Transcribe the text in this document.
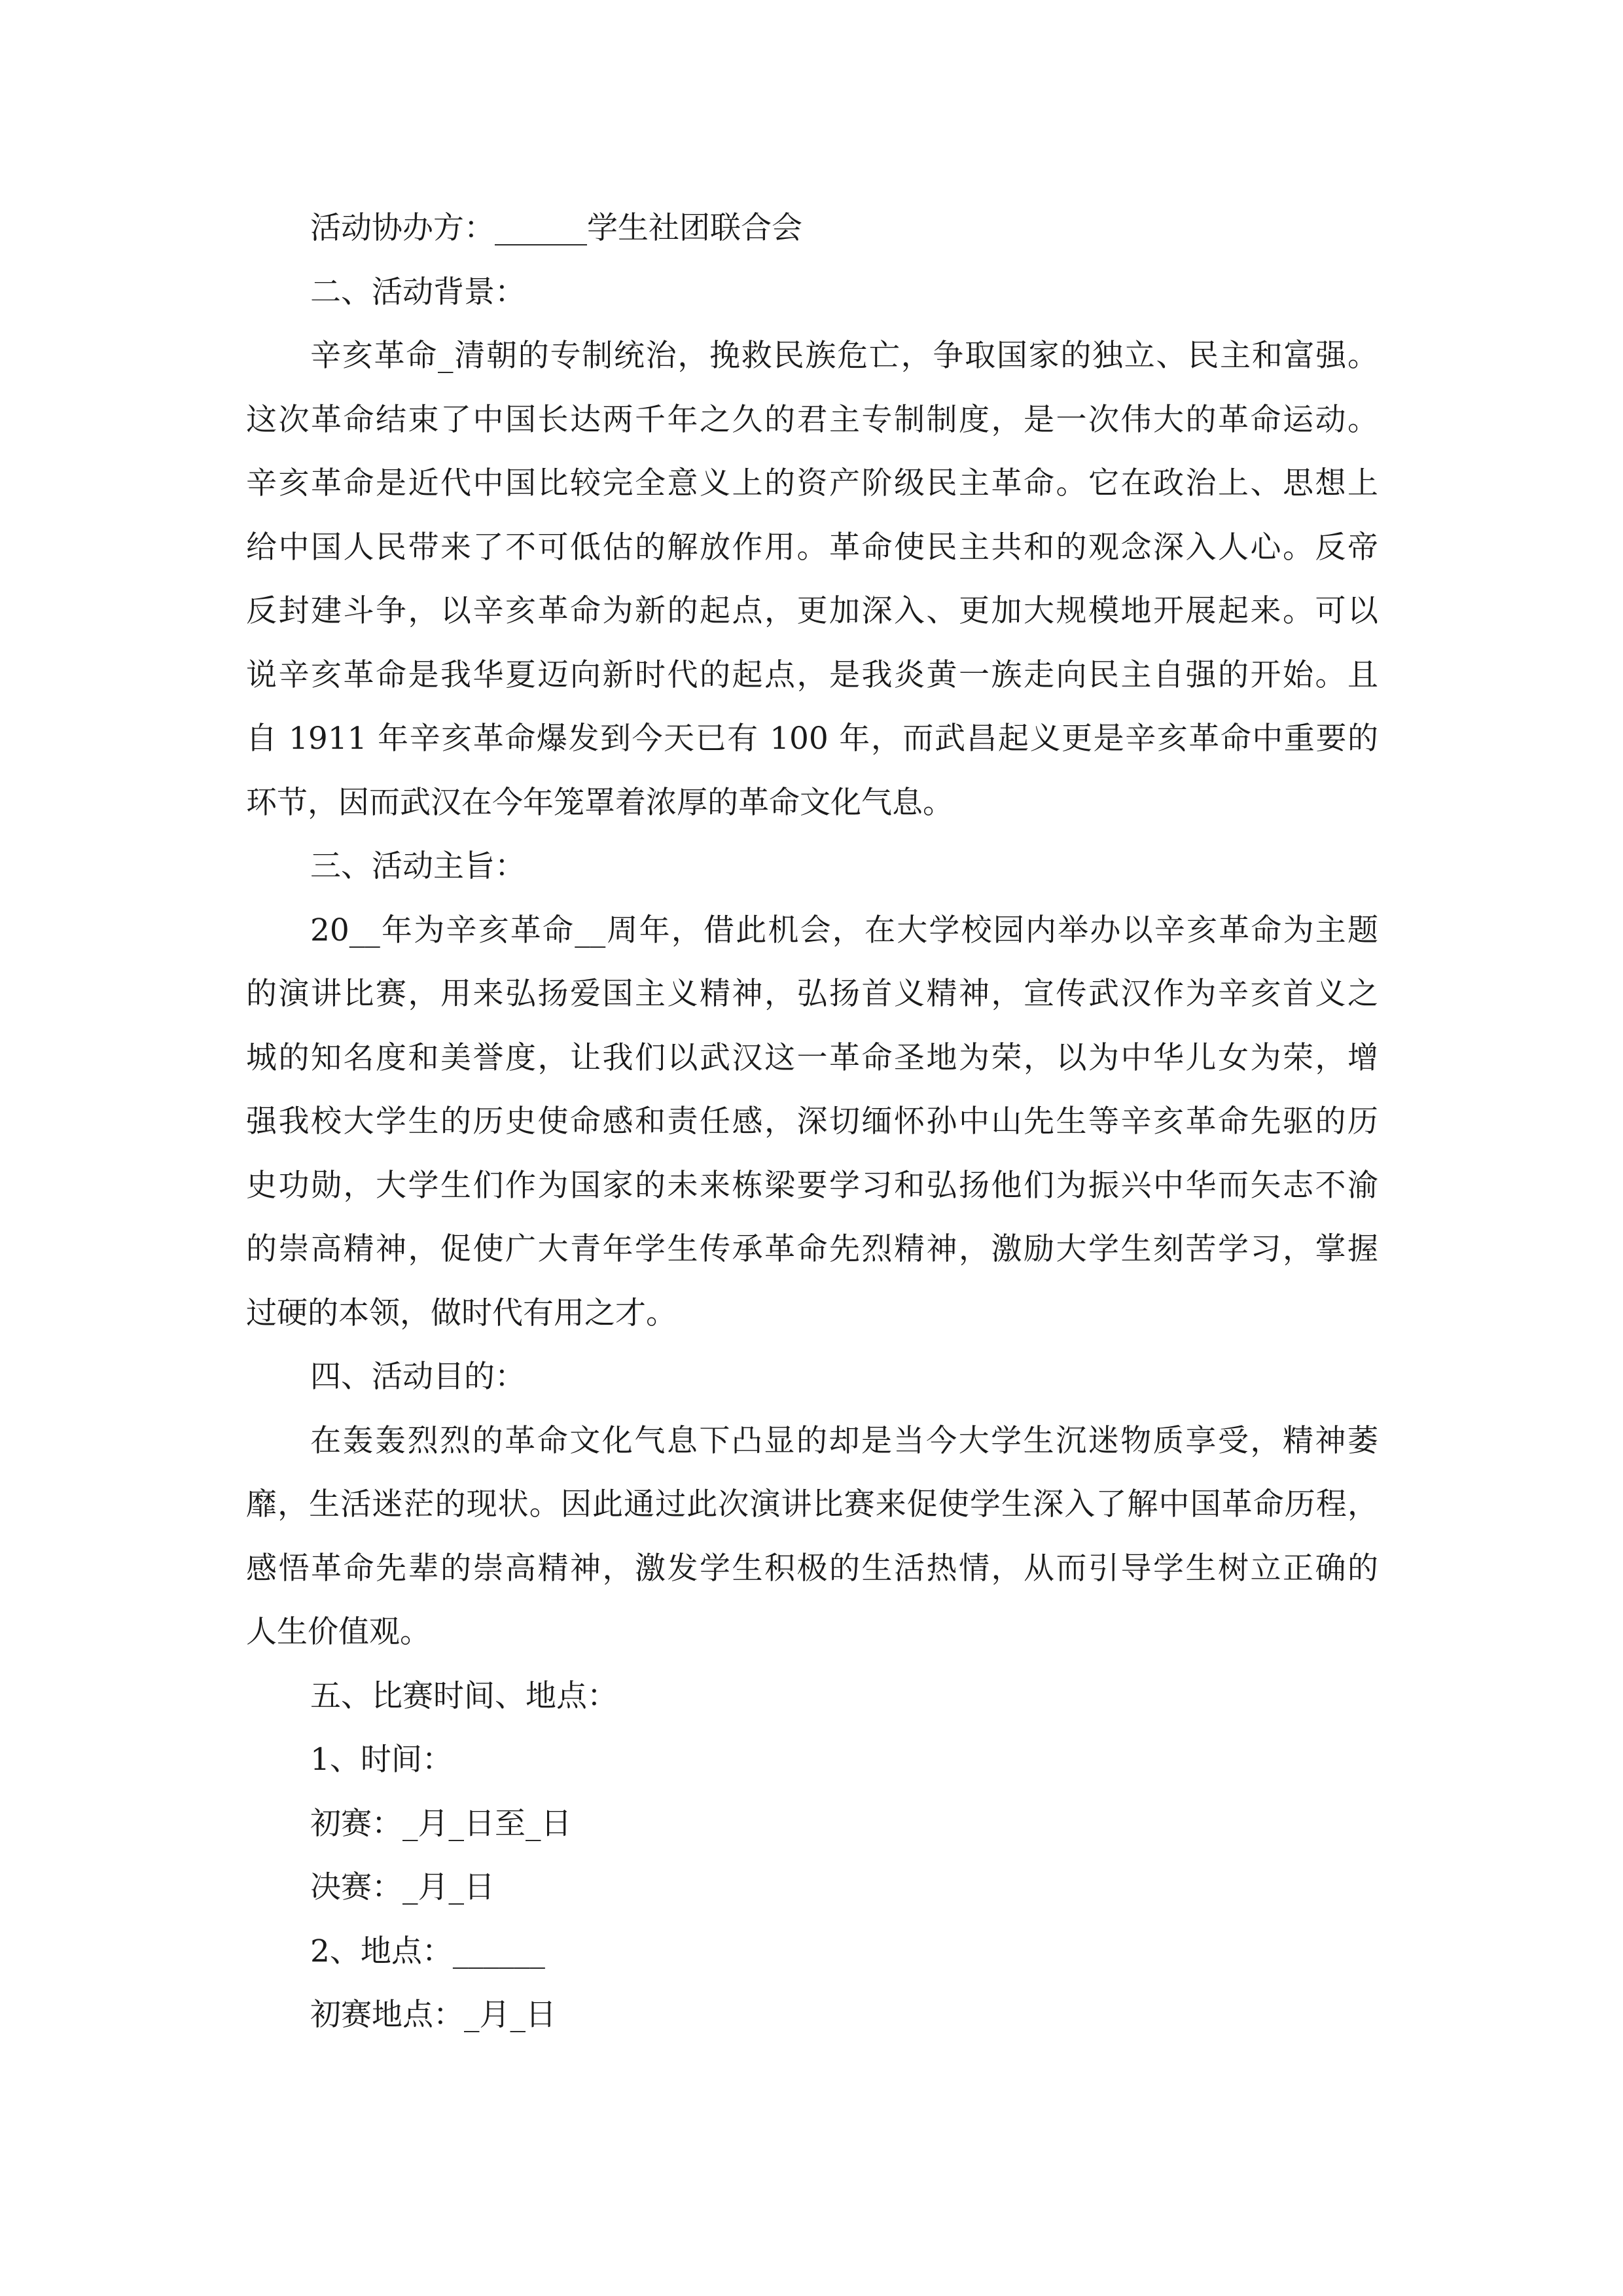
活动协办方：______学生社团联合会
二、活动背景：
辛亥革命_清朝的专制统治，挽救民族危亡，争取国家的独立、民主和富强。
这次革命结束了中国长达两千年之久的君主专制制度，是一次伟大的革命运动。
辛亥革命是近代中国比较完全意义上的资产阶级民主革命。它在政治上、思想上
给中国人民带来了不可低估的解放作用。革命使民主共和的观念深入人心。反帝
反封建斗争，以辛亥革命为新的起点，更加深入、更加大规模地开展起来。可以
说辛亥革命是我华夏迈向新时代的起点，是我炎黄一族走向民主自强的开始。且
自 1911 年辛亥革命爆发到今天已有 100 年，而武昌起义更是辛亥革命中重要的
环节，因而武汉在今年笼罩着浓厚的革命文化气息。
三、活动主旨：
20__年为辛亥革命__周年，借此机会，在大学校园内举办以辛亥革命为主题
的演讲比赛，用来弘扬爱国主义精神，弘扬首义精神，宣传武汉作为辛亥首义之
城的知名度和美誉度，让我们以武汉这一革命圣地为荣，以为中华儿女为荣，增
强我校大学生的历史使命感和责任感，深切缅怀孙中山先生等辛亥革命先驱的历
史功勋，大学生们作为国家的未来栋梁要学习和弘扬他们为振兴中华而矢志不渝
的崇高精神，促使广大青年学生传承革命先烈精神，激励大学生刻苦学习，掌握
过硬的本领，做时代有用之才。
四、活动目的：
在轰轰烈烈的革命文化气息下凸显的却是当今大学生沉迷物质享受，精神萎
靡，生活迷茫的现状。因此通过此次演讲比赛来促使学生深入了解中国革命历程，
感悟革命先辈的崇高精神，激发学生积极的生活热情，从而引导学生树立正确的
人生价值观。
五、比赛时间、地点：
1、时间：
初赛：_月_日至_日
决赛：_月_日
2、地点：______
初赛地点：_月_日
